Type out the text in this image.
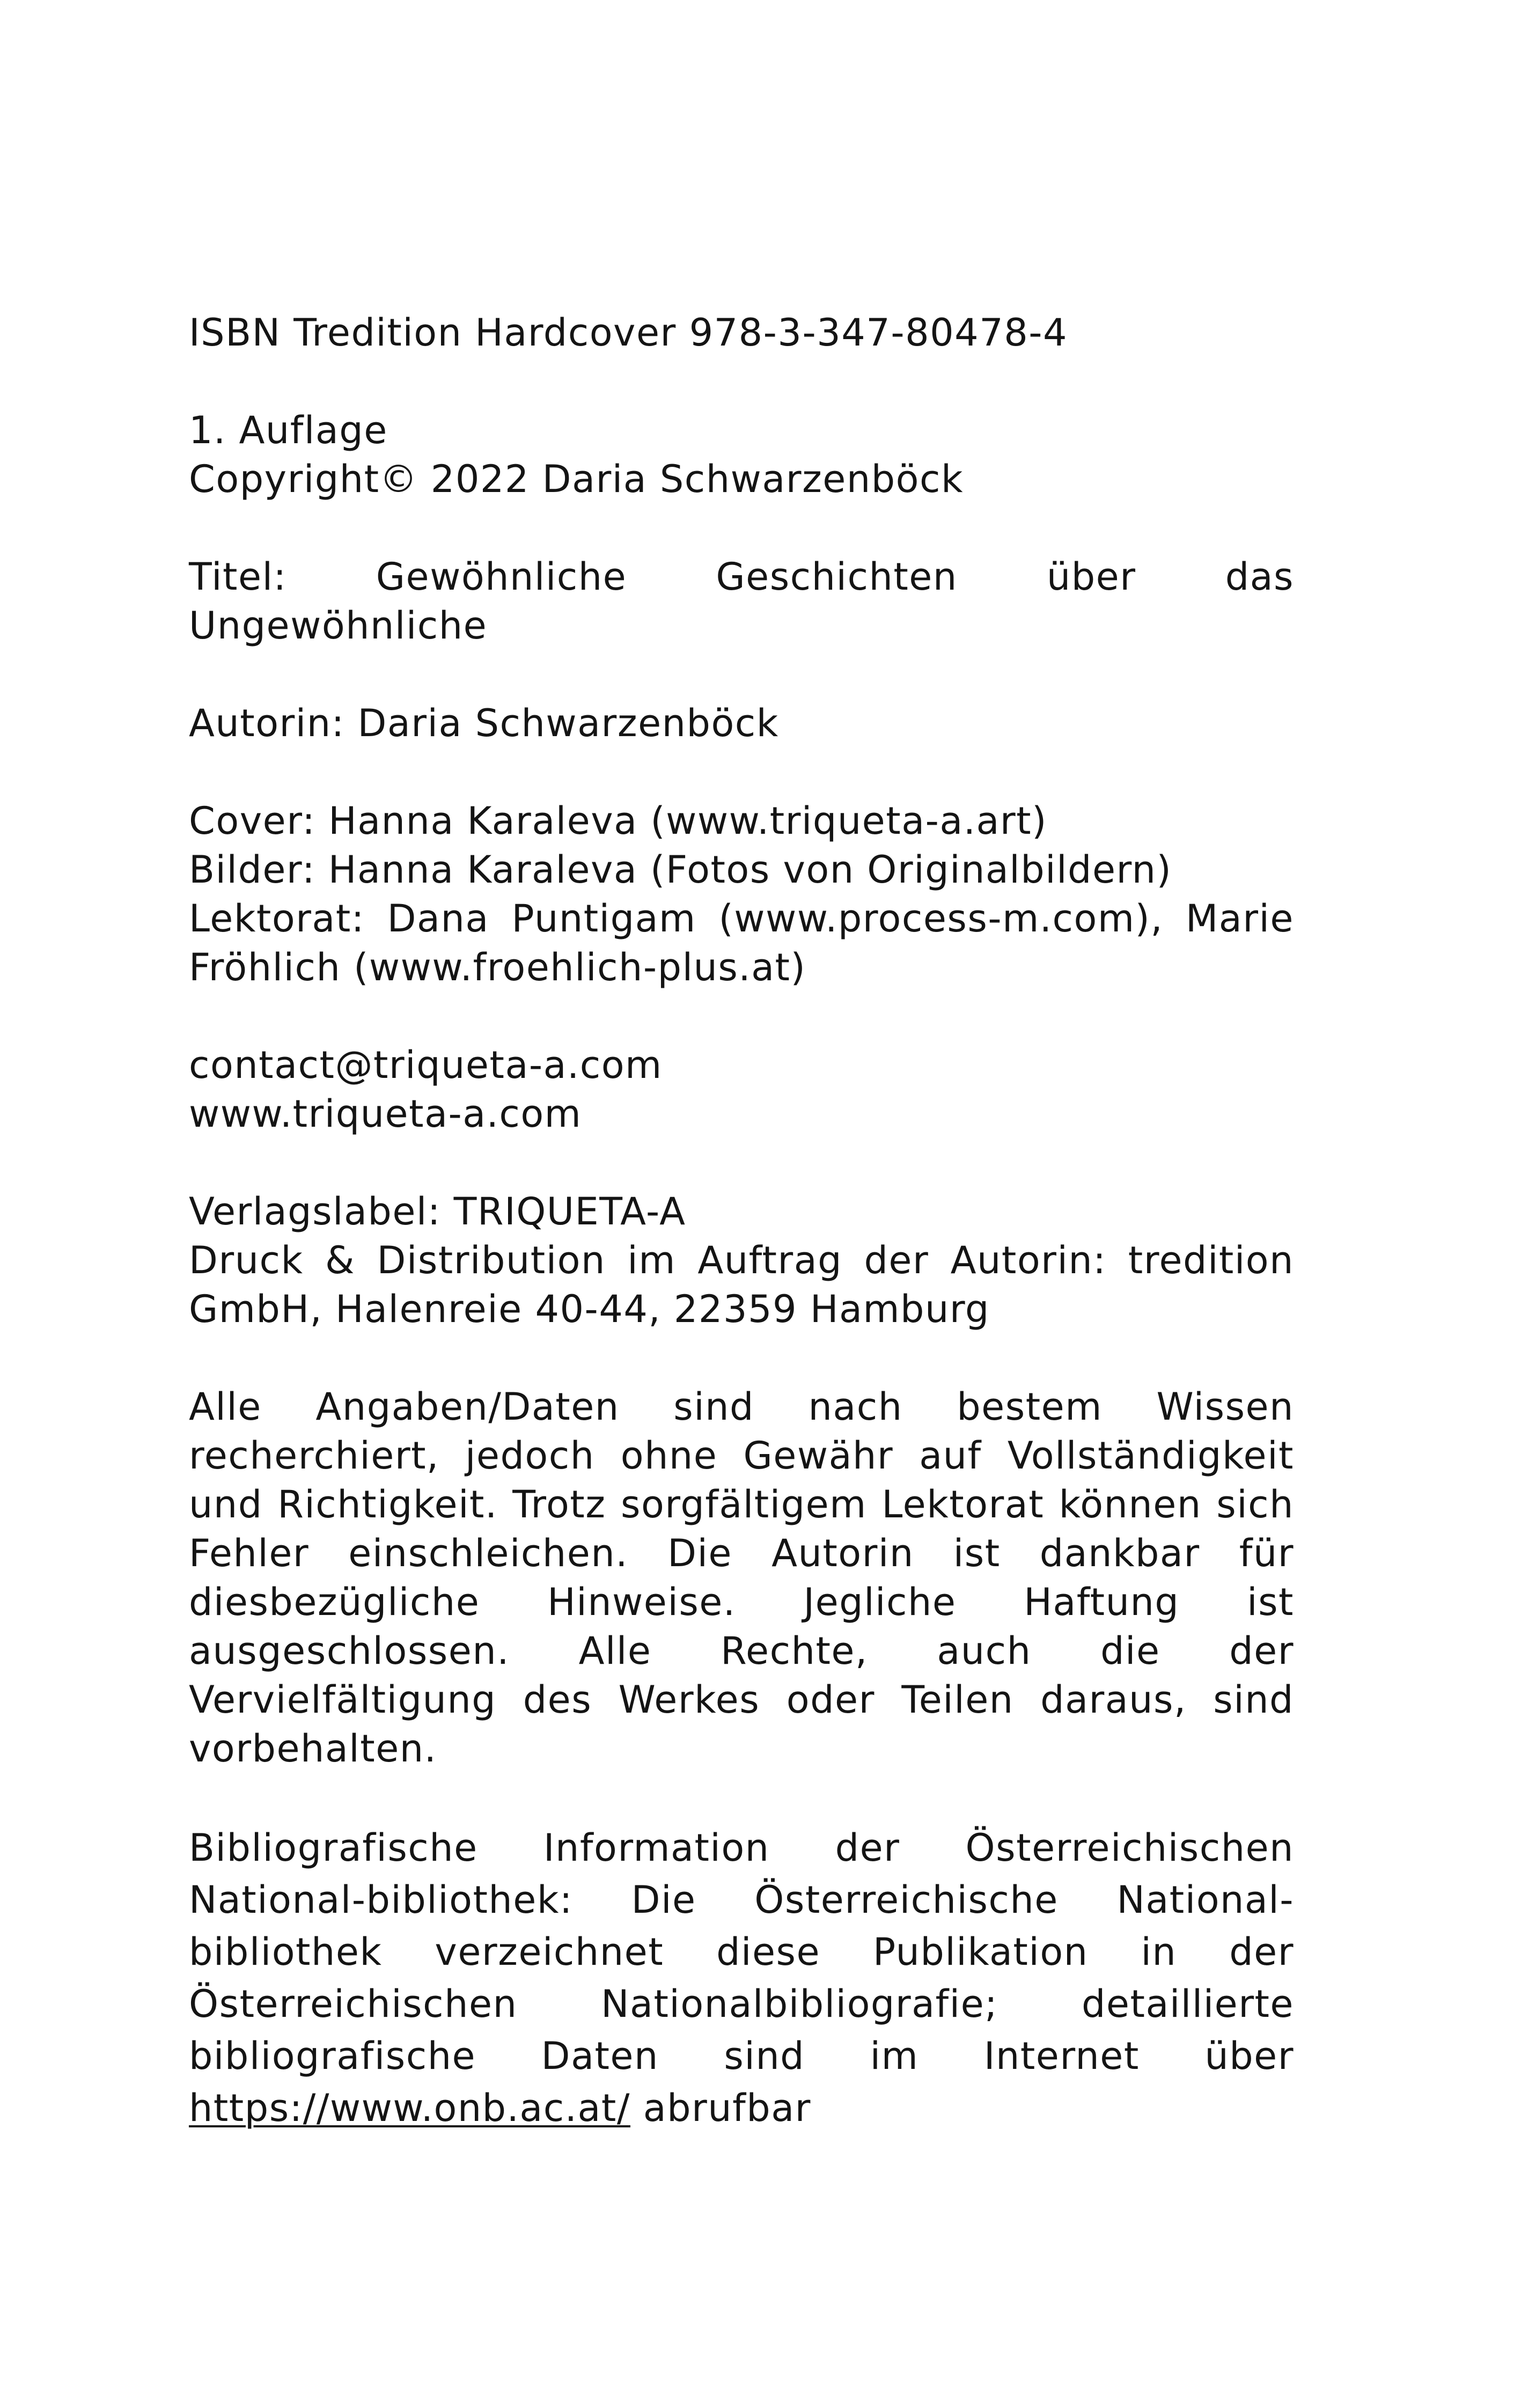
ISBN Tredition Hardcover 978-3-347-80478-4

1. Auflage
Copyright© 2022 Daria Schwarzenböck

Titel: Gewöhnliche Geschichten über das Ungewöhnliche

Autorin: Daria Schwarzenböck

Cover: Hanna Karaleva (www.triqueta-a.art)
Bilder: Hanna Karaleva (Fotos von Originalbildern)
Lektorat: Dana Puntigam (www.process-m.com), Marie Fröhlich (www.froehlich-plus.at)

contact@triqueta-a.com
www.triqueta-a.com

Verlagslabel: TRIQUETA-A
Druck & Distribution im Auftrag der Autorin: tredition GmbH, Halenreie 40-44, 22359 Hamburg

Alle Angaben/Daten sind nach bestem Wissen recherchiert, jedoch ohne Gewähr auf Vollständigkeit und Richtigkeit. Trotz sorgfältigem Lektorat können sich Fehler einschleichen. Die Autorin ist dankbar für diesbezügliche Hinweise. Jegliche Haftung ist ausgeschlossen. Alle Rechte, auch die der Vervielfältigung des Werkes oder Teilen daraus, sind vorbehalten.

Bibliografische Information der Österreichischen National-bibliothek: Die Österreichische National-bibliothek verzeichnet diese Publikation in der Österreichischen Nationalbibliografie; detaillierte bibliografische Daten sind im Internet über https://www.onb.ac.at/ abrufbar
